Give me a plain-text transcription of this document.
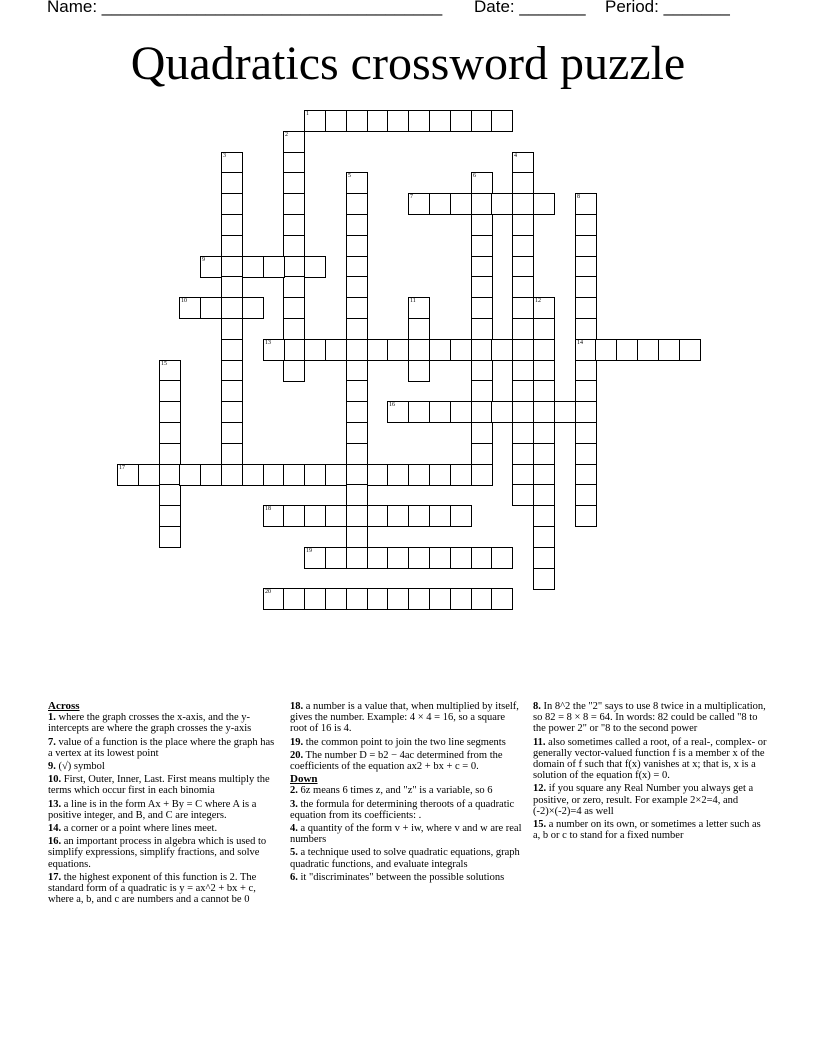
Name: ____________________________________ Date: _______ Period: _______
Quadratics crossword puzzle
1
2
3	4
5	6
7	8
14
9
10	11	12
13
15
16
17
18
19
20
Across
1. where the graph crosses the x-axis, and the y-intercepts are where the graph crosses the y-axis
7. value of a function is the place where the graph has a vertex at its lowest point
9. (√) symbol
10. First, Outer, Inner, Last. First means multiply the terms which occur first in each binomia
13. a line is in the form Ax + By = C where A is a positive integer, and B, and C are integers.
14. a corner or a point where lines meet.
16. an important process in algebra which is used to simplify expressions, simplify fractions, and solve equations.
17. the highest exponent of this function is 2. The standard form of a quadratic is y = ax^2 + bx + c, where a, b, and c are numbers and a cannot be 0
18. a number is a value that, when multiplied by itself, gives the number. Example: 4 × 4 = 16, so a square root of 16 is 4.
19. the common point to join the two line segments
20. The number D = b2 − 4ac determined from the coefficients of the equation ax2 + bx + c = 0.
Down
2. 6z means 6 times z, and "z" is a variable, so 6
3. the formula for determining theroots of a quadratic equation from its coefficients: .
4. a quantity of the form v + iw, where v and w are real numbers
5. a technique used to solve quadratic equations, graph quadratic functions, and evaluate integrals
6. it "discriminates" between the possible solutions
8. In 8^2 the "2" says to use 8 twice in a multiplication, so 82 = 8 × 8 = 64. In words: 82 could be called "8 to the power 2" or "8 to the second power
11. also sometimes called a root, of a real-, complex- or generally vector-valued function f is a member x of the domain of f such that f(x) vanishes at x; that is, x is a solution of the equation f(x) = 0.
12. if you square any Real Number you always get a positive, or zero, result. For example 2×2=4, and (-2)×(-2)=4 as well
15. a number on its own, or sometimes a letter such as a, b or c to stand for a fixed number
